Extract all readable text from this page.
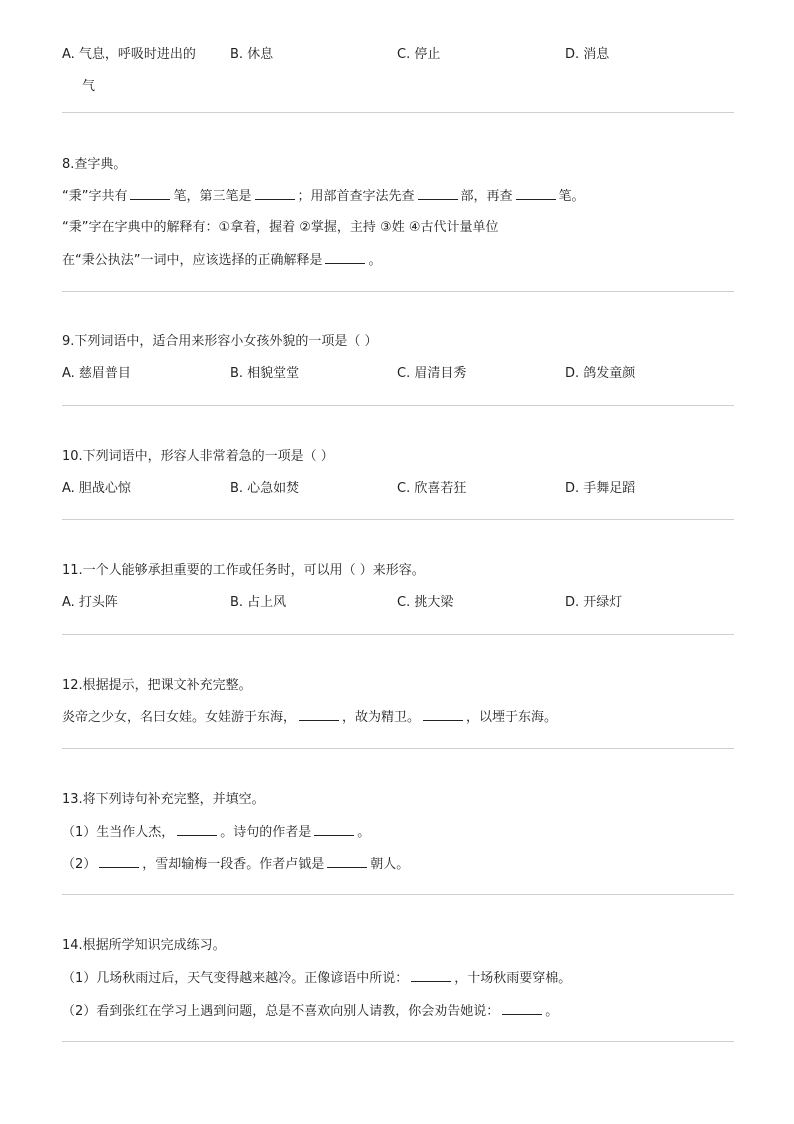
A. 气息，呼吸时进出的
气
B. 休息	C. 停止	D. 消息
8.查字典。
“秉”字共有	笔，第三笔是	；用部首查字法先查	部，再查	笔。
“秉”字在字典中的解释有：①拿着，握着 ②掌握，主持 ③姓 ④古代计量单位
在“秉公执法”一词中，应该选择的正确解释是	。
9.下列词语中，适合用来形容小女孩外貌的一项是（ ）
A. 慈眉普目	B. 相貌堂堂	C. 眉清目秀	D. 鸽发童颜
10.下列词语中，形容人非常着急的一项是（ ）
A. 胆战心惊	B. 心急如焚	C. 欣喜若狂	D. 手舞足蹈
11.一个人能够承担重要的工作或任务时，可以用（ ）来形容。
A. 打头阵	B. 占上风	C. 挑大梁	D. 开绿灯
12.根据提示，把课文补充完整。
炎帝之少女，名曰女娃。女娃游于东海，	，故为精卫。	，以堙于东海。
13.将下列诗句补充完整，并填空。
（1）生当作人杰，	。诗句的作者是	。
（2）	，雪却输梅一段香。作者卢钺是	朝人。
14.根据所学知识完成练习。
（1）几场秋雨过后，天气变得越来越冷。正像谚语中所说：	，十场秋雨要穿棉。
（2）看到张红在学习上遇到问题，总是不喜欢向别人请教，你会劝告她说：	。
